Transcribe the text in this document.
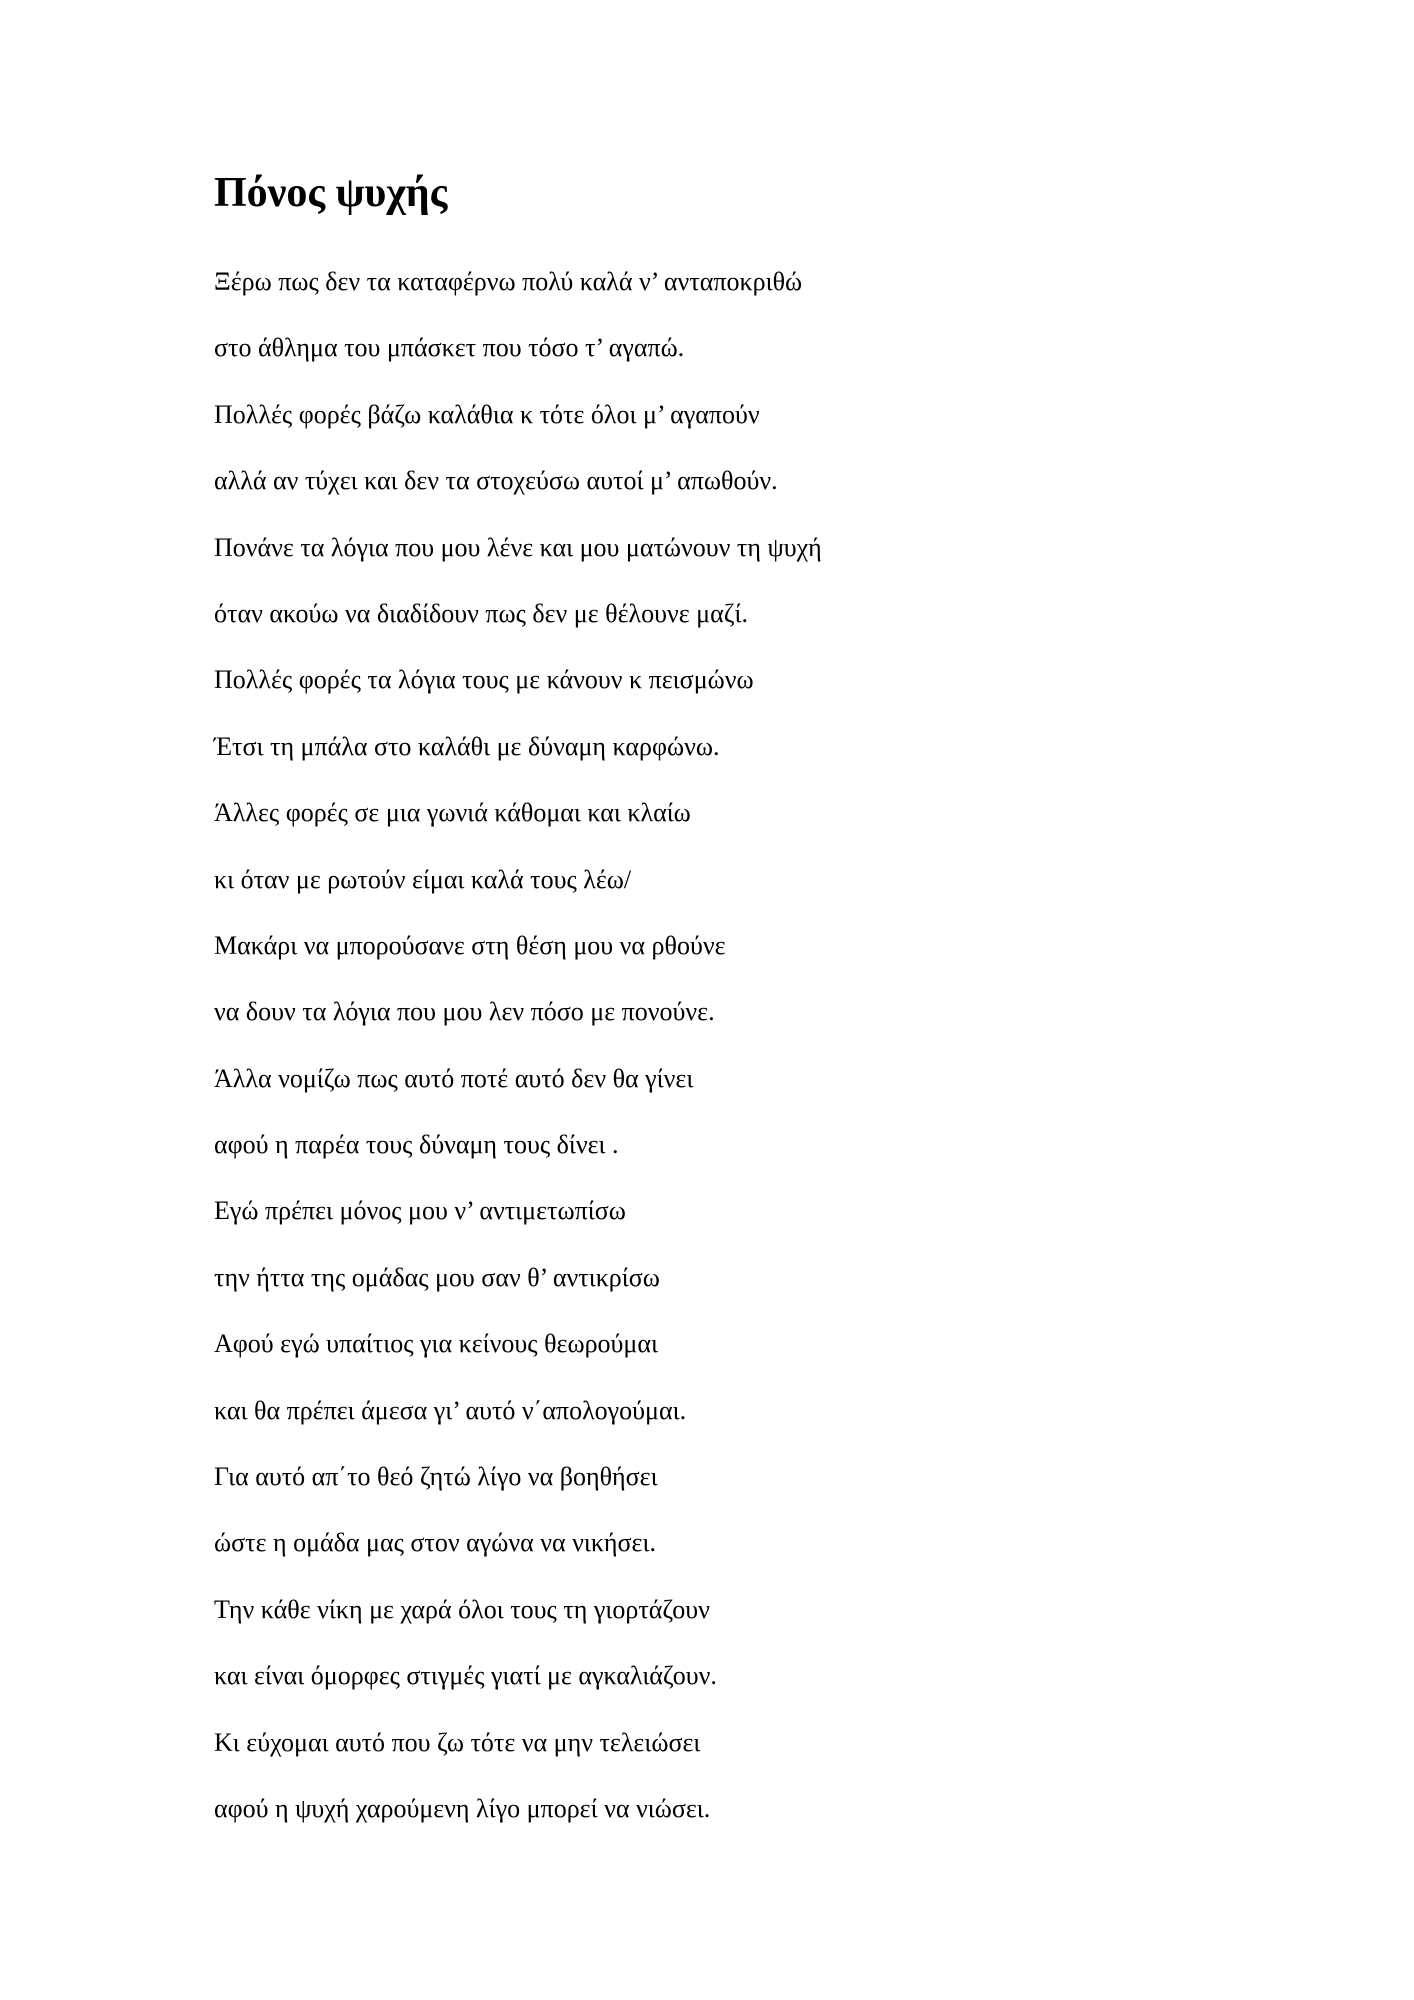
Πόνος ψυχής
Ξέρω πως δεν τα καταφέρνω πολύ καλά ν’ ανταποκριθώ
στο άθλημα του μπάσκετ που τόσο τ’ αγαπώ.
Πολλές φορές βάζω καλάθια κ τότε όλοι μ’ αγαπούν
αλλά αν τύχει και δεν τα στοχεύσω αυτοί μ’ απωθούν.
Πονάνε τα λόγια που μου λένε και μου ματώνουν τη ψυχή
όταν ακούω να διαδίδουν πως δεν με θέλουνε μαζί.
Πολλές φορές τα λόγια τους με κάνουν κ πεισμώνω
Έτσι τη μπάλα στο καλάθι με δύναμη καρφώνω.
Άλλες φορές σε μια γωνιά κάθομαι και κλαίω
κι όταν με ρωτούν είμαι καλά τους λέω/
Μακάρι να μπορούσανε στη θέση μου να ρθούνε
να δουν τα λόγια που μου λεν πόσο με πονούνε.
Άλλα νομίζω πως αυτό ποτέ αυτό δεν θα γίνει
αφού η παρέα τους δύναμη τους δίνει .
Εγώ πρέπει μόνος μου ν’ αντιμετωπίσω
την ήττα της ομάδας μου σαν θ’ αντικρίσω
Αφού εγώ υπαίτιος για κείνους θεωρούμαι
και θα πρέπει άμεσα γι’ αυτό ν΄απολογούμαι.
Για αυτό απ΄το θεό ζητώ λίγο να βοηθήσει
ώστε η ομάδα μας στον αγώνα να νικήσει.
Την κάθε νίκη με χαρά όλοι τους τη γιορτάζουν
και είναι όμορφες στιγμές γιατί με αγκαλιάζουν.
Κι εύχομαι αυτό που ζω τότε να μην τελειώσει
αφού η ψυχή χαρούμενη λίγο μπορεί να νιώσει.
